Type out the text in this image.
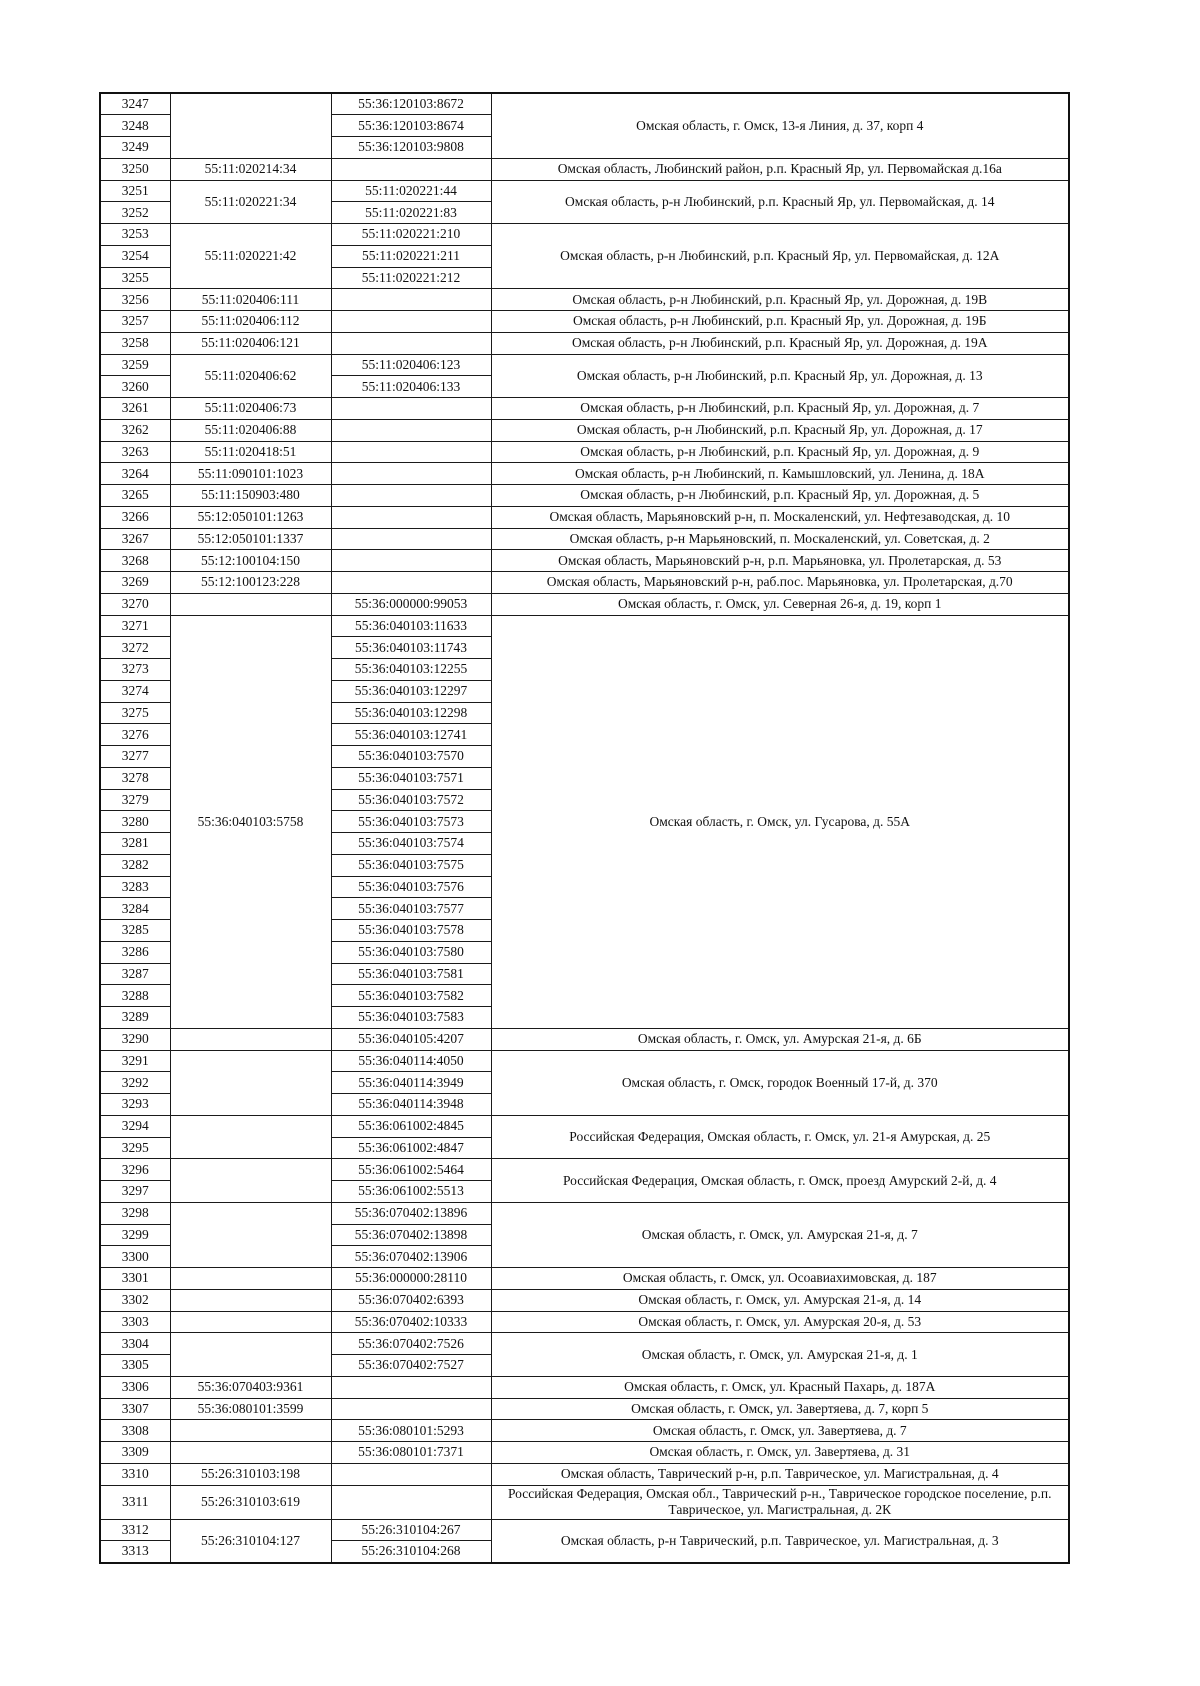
3247		55:36:120103:8672	Омская область, г. Омск, 13-я Линия, д. 37, корп 4
3248		55:36:120103:8674	
3249		55:36:120103:9808	
3250	55:11:020214:34		Омская область, Любинский район, р.п. Красный Яр, ул. Первомайская д.16а
3251	55:11:020221:34	55:11:020221:44	Омская область, р-н Любинский, р.п. Красный Яр, ул. Первомайская, д. 14
3252		55:11:020221:83	
3253	55:11:020221:42	55:11:020221:210	Омская область, р-н Любинский, р.п. Красный Яр, ул. Первомайская, д. 12А
3254		55:11:020221:211	
3255		55:11:020221:212	
3256	55:11:020406:111		Омская область, р-н Любинский, р.п. Красный Яр, ул. Дорожная, д. 19В
3257	55:11:020406:112		Омская область, р-н Любинский, р.п. Красный Яр, ул. Дорожная, д. 19Б
3258	55:11:020406:121		Омская область, р-н Любинский, р.п. Красный Яр, ул. Дорожная, д. 19А
3259	55:11:020406:62	55:11:020406:123	Омская область, р-н Любинский, р.п. Красный Яр, ул. Дорожная, д. 13
3260		55:11:020406:133	
3261	55:11:020406:73		Омская область, р-н Любинский, р.п. Красный Яр, ул. Дорожная, д. 7
3262	55:11:020406:88		Омская область, р-н Любинский, р.п. Красный Яр, ул. Дорожная, д. 17
3263	55:11:020418:51		Омская область, р-н Любинский, р.п. Красный Яр, ул. Дорожная, д. 9
3264	55:11:090101:1023		Омская область, р-н Любинский, п. Камышловский, ул. Ленина, д. 18А
3265	55:11:150903:480		Омская область, р-н Любинский, р.п. Красный Яр, ул. Дорожная, д. 5
3266	55:12:050101:1263		Омская область, Марьяновский р-н, п. Москаленский, ул. Нефтезаводская, д. 10
3267	55:12:050101:1337		Омская область, р-н Марьяновский, п. Москаленский, ул. Советская, д. 2
3268	55:12:100104:150		Омская область, Марьяновский р-н, р.п. Марьяновка, ул. Пролетарская, д. 53
3269	55:12:100123:228		Омская область, Марьяновский р-н, раб.пос. Марьяновка, ул. Пролетарская, д.70
3270		55:36:000000:99053	Омская область, г. Омск, ул. Северная 26-я, д. 19, корп 1
3271	55:36:040103:5758	55:36:040103:11633	Омская область, г. Омск, ул. Гусарова, д. 55А
3272		55:36:040103:11743	
3273		55:36:040103:12255	
3274		55:36:040103:12297	
3275		55:36:040103:12298	
3276		55:36:040103:12741	
3277		55:36:040103:7570	
3278		55:36:040103:7571	
3279		55:36:040103:7572	
3280		55:36:040103:7573	
3281		55:36:040103:7574	
3282		55:36:040103:7575	
3283		55:36:040103:7576	
3284		55:36:040103:7577	
3285		55:36:040103:7578	
3286		55:36:040103:7580	
3287		55:36:040103:7581	
3288		55:36:040103:7582	
3289		55:36:040103:7583	
3290		55:36:040105:4207	Омская область, г. Омск, ул. Амурская 21-я, д. 6Б
3291		55:36:040114:4050	Омская область, г. Омск, городок Военный 17-й, д. 370
3292		55:36:040114:3949	
3293		55:36:040114:3948	
3294		55:36:061002:4845	Российская Федерация, Омская область, г. Омск, ул. 21-я Амурская, д. 25
3295		55:36:061002:4847	
3296		55:36:061002:5464	Российская Федерация, Омская область, г. Омск, проезд Амурский 2-й, д. 4
3297		55:36:061002:5513	
3298		55:36:070402:13896	Омская область, г. Омск, ул. Амурская 21-я, д. 7
3299		55:36:070402:13898	
3300		55:36:070402:13906	
3301		55:36:000000:28110	Омская область, г. Омск, ул. Осоавиахимовская, д. 187
3302		55:36:070402:6393	Омская область, г. Омск, ул. Амурская 21-я, д. 14
3303		55:36:070402:10333	Омская область, г. Омск, ул. Амурская 20-я, д. 53
3304		55:36:070402:7526	Омская область, г. Омск, ул. Амурская 21-я, д. 1
3305		55:36:070402:7527	
3306	55:36:070403:9361		Омская область, г. Омск, ул. Красный Пахарь, д. 187А
3307	55:36:080101:3599		Омская область, г. Омск, ул. Завертяева, д. 7, корп 5
3308		55:36:080101:5293	Омская область, г. Омск, ул. Завертяева, д. 7
3309		55:36:080101:7371	Омская область, г. Омск, ул. Завертяева, д. 31
3310	55:26:310103:198		Омская область, Таврический р-н, р.п. Таврическое, ул. Магистральная, д. 4
3311	55:26:310103:619		Российская Федерация, Омская обл., Таврический р-н., Таврическое городское поселение, р.п. Таврическое, ул. Магистральная, д. 2К
3312	55:26:310104:127	55:26:310104:267	Омская область, р-н Таврический, р.п. Таврическое, ул. Магистральная, д. 3
3313		55:26:310104:268	
